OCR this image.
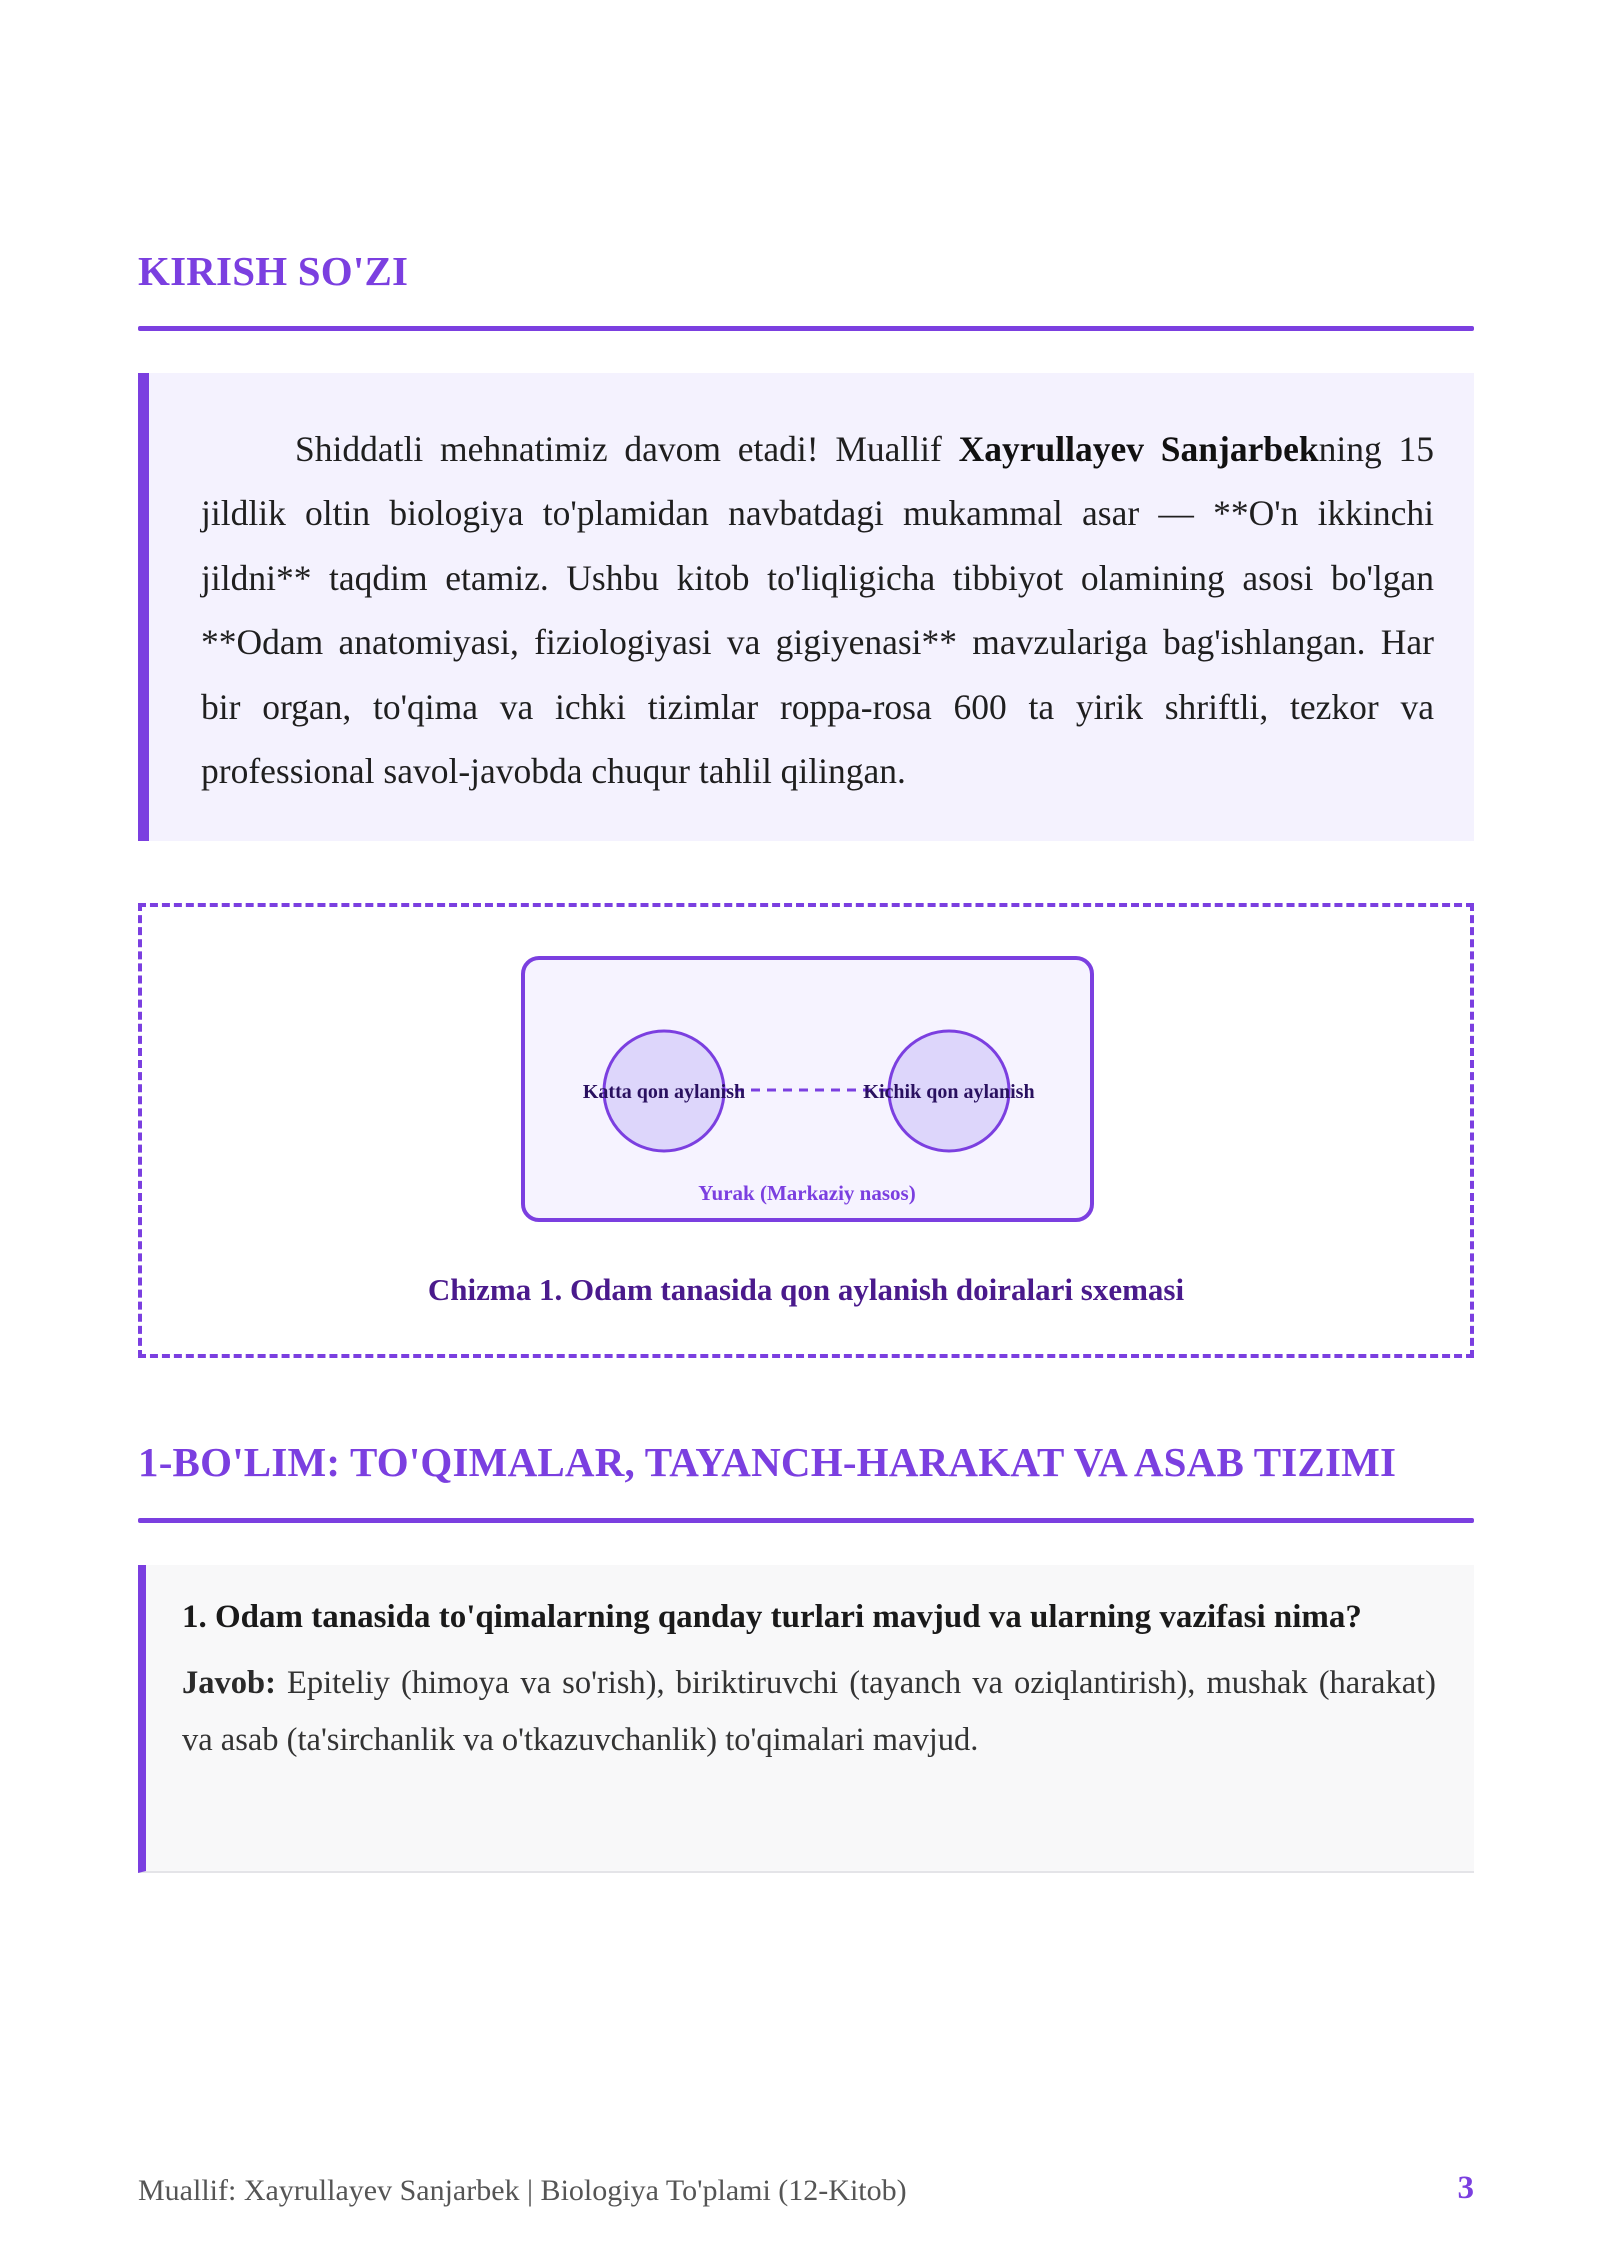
KIRISH SO'ZI

Shiddatli mehnatimiz davom etadi! Muallif Xayrullayev Sanjarbekning 15 jildlik oltin biologiya to'plamidan navbatdagi mukammal asar — **O'n ikkinchi jildni** taqdim etamiz. Ushbu kitob to'liqligicha tibbiyot olamining asosi bo'lgan **Odam anatomiyasi, fiziologiyasi va gigiyenasi** mavzulariga bag'ishlangan. Har bir organ, to'qima va ichki tizimlar roppa-rosa 600 ta yirik shriftli, tezkor va professional savol-javobda chuqur tahlil qilingan.

Katta qon aylanish	Kichik qon aylanish
Yurak (Markaziy nasos)

Chizma 1. Odam tanasida qon aylanish doiralari sxemasi

1-BO'LIM: TO'QIMALAR, TAYANCH-HARAKAT VA ASAB TIZIMI

1. Odam tanasida to'qimalarning qanday turlari mavjud va ularning vazifasi nima?

Javob: Epiteliy (himoya va so'rish), biriktiruvchi (tayanch va oziqlantirish), mushak (harakat) va asab (ta'sirchanlik va o'tkazuvchanlik) to'qimalari mavjud.

Muallif: Xayrullayev Sanjarbek | Biologiya To'plami (12-Kitob)	3
